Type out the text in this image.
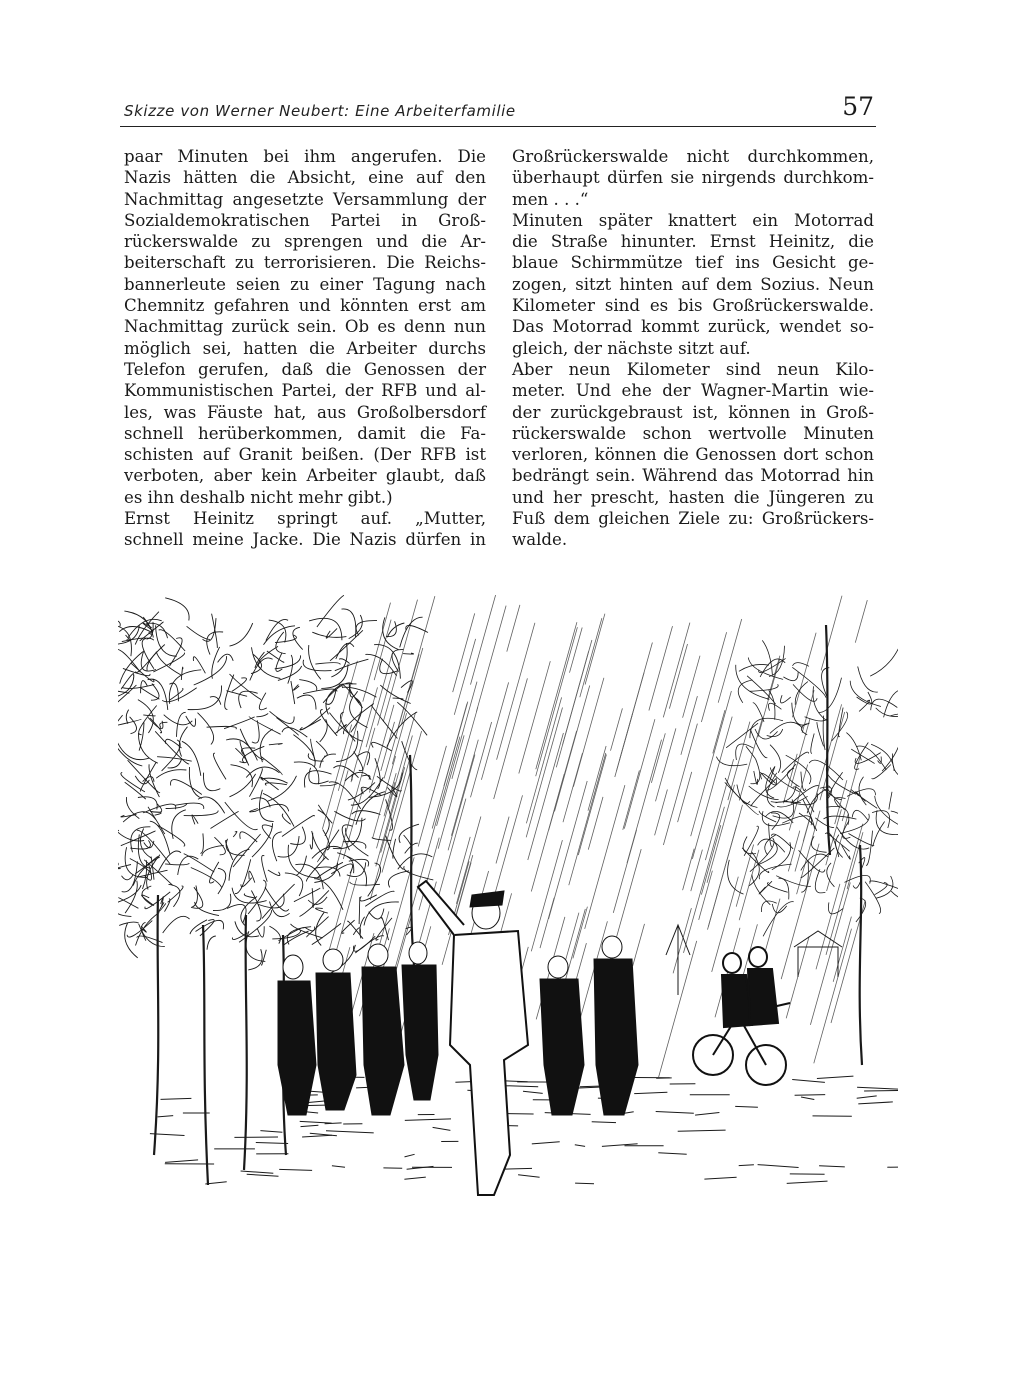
Skizze von Werner Neubert: Eine Arbeiterfamilie	57
paar Minuten bei ihm angerufen. Die
Nazis hätten die Absicht, eine auf den
Nachmittag angesetzte Versammlung der
Sozialdemokratischen Partei in Groß-
rückerswalde zu sprengen und die Ar-
beiterschaft zu terrorisieren. Die Reichs-
bannerleute seien zu einer Tagung nach
Chemnitz gefahren und könnten erst am
Nachmittag zurück sein. Ob es denn nun
möglich sei, hatten die Arbeiter durchs
Telefon gerufen, daß die Genossen der
Kommunistischen Partei, der RFB und al-
les, was Fäuste hat, aus Großolbersdorf
schnell herüberkommen, damit die Fa-
schisten auf Granit beißen. (Der RFB ist
verboten, aber kein Arbeiter glaubt, daß
es ihn deshalb nicht mehr gibt.)
Ernst Heinitz springt auf. „Mutter,
schnell meine Jacke. Die Nazis dürfen in
Großrückerswalde nicht durchkommen,
überhaupt dürfen sie nirgends durchkom-
men . . .“
Minuten später knattert ein Motorrad
die Straße hinunter. Ernst Heinitz, die
blaue Schirmmütze tief ins Gesicht ge-
zogen, sitzt hinten auf dem Sozius. Neun
Kilometer sind es bis Großrückerswalde.
Das Motorrad kommt zurück, wendet so-
gleich, der nächste sitzt auf.
Aber neun Kilometer sind neun Kilo-
meter. Und ehe der Wagner-Martin wie-
der zurückgebraust ist, können in Groß-
rückerswalde schon wertvolle Minuten
verloren, können die Genossen dort schon
bedrängt sein. Während das Motorrad hin
und her prescht, hasten die Jüngeren zu
Fuß dem gleichen Ziele zu: Großrückers-
walde.
